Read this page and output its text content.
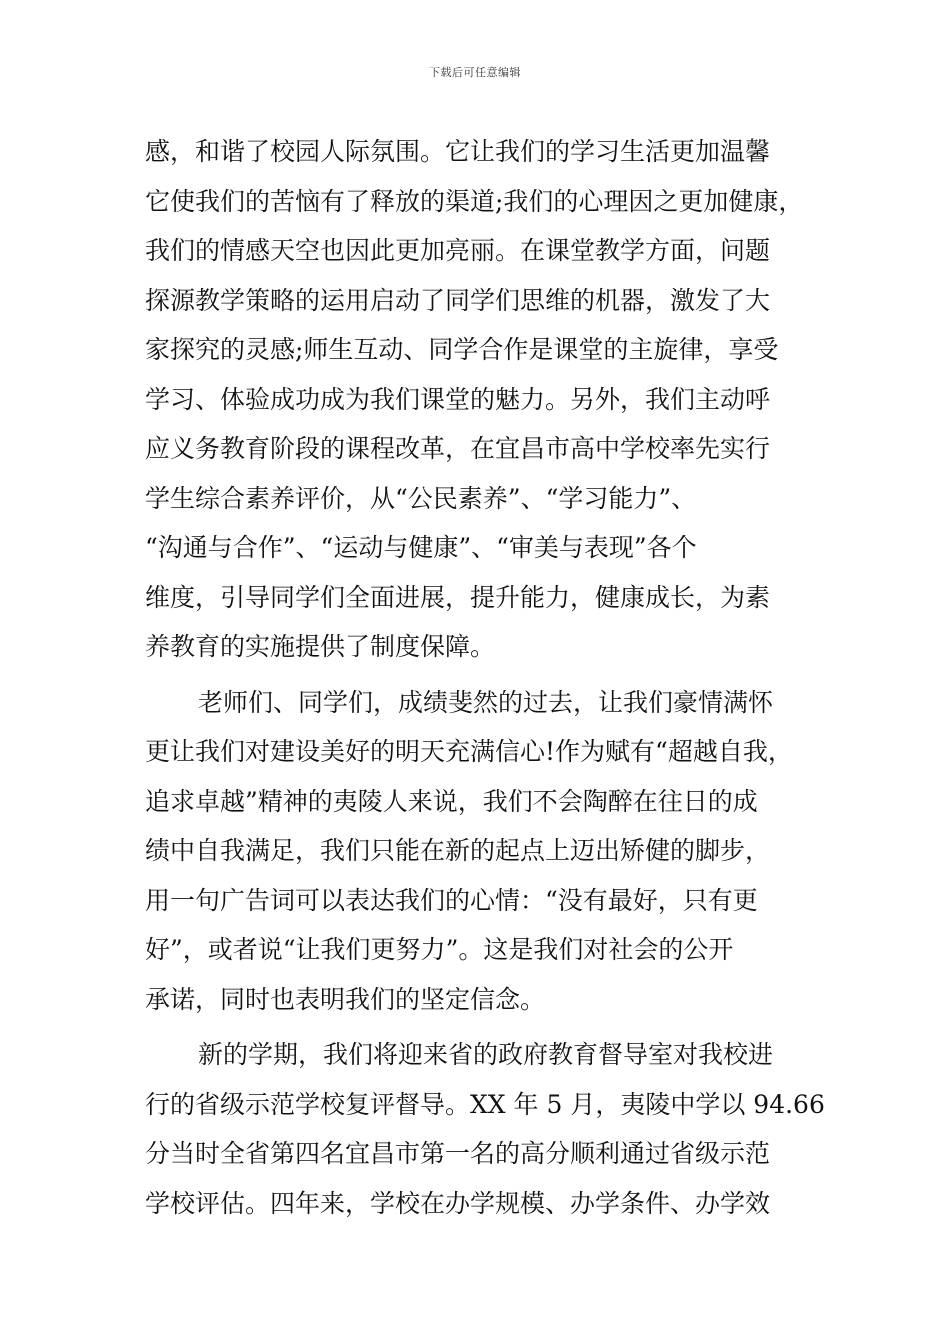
下载后可任意编辑
感，和谐了校园人际氛围。它让我们的学习生活更加温馨
它使我们的苦恼有了释放的渠道;我们的心理因之更加健康，
我们的情感天空也因此更加亮丽。在课堂教学方面，问题
探源教学策略的运用启动了同学们思维的机器，激发了大
家探究的灵感;师生互动、同学合作是课堂的主旋律，享受
学习、体验成功成为我们课堂的魅力。另外，我们主动呼
应义务教育阶段的课程改革，在宜昌市高中学校率先实行
学生综合素养评价，从“公民素养”、“学习能力”、
“沟通与合作”、“运动与健康”、“审美与表现”各个
维度，引导同学们全面进展，提升能力，健康成长，为素
养教育的实施提供了制度保障。
老师们、同学们，成绩斐然的过去，让我们豪情满怀
更让我们对建设美好的明天充满信心!作为赋有“超越自我，
追求卓越”精神的夷陵人来说，我们不会陶醉在往日的成
绩中自我满足，我们只能在新的起点上迈出矫健的脚步，
用一句广告词可以表达我们的心情：“没有最好，只有更
好”，或者说“让我们更努力”。这是我们对社会的公开
承诺，同时也表明我们的坚定信念。
新的学期，我们将迎来省的政府教育督导室对我校进
行的省级示范学校复评督导。XX 年 5 月，夷陵中学以 94.66
分当时全省第四名宜昌市第一名的高分顺利通过省级示范
学校评估。四年来，学校在办学规模、办学条件、办学效
